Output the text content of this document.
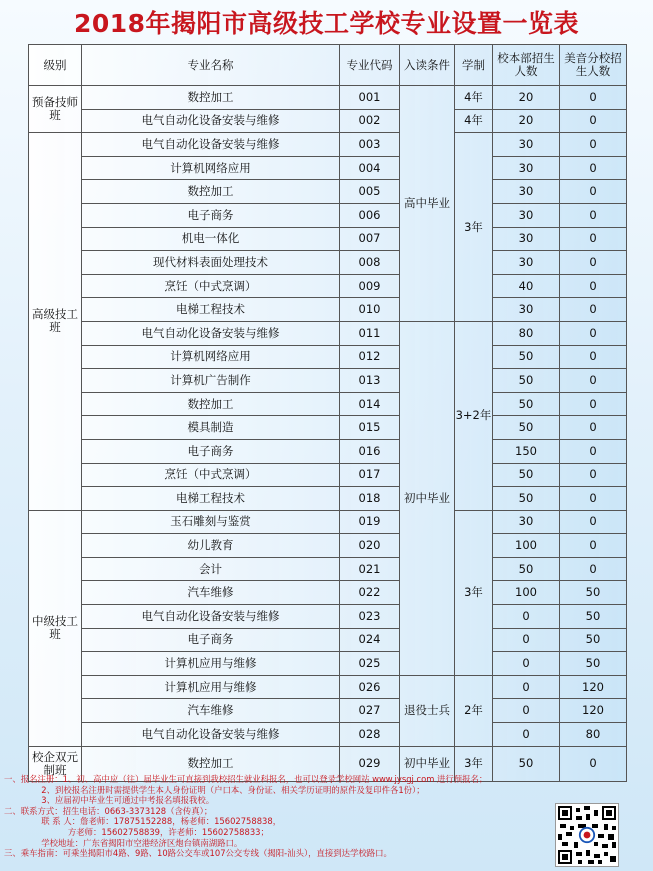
2018年揭阳市高级技工学校专业设置一览表
级别	专业名称	专业代码	入读条件	学制	校本部招生人数	美音分校招生人数
预备技师班	数控加工	001	高中毕业	4年	20	0
	电气自动化设备安装与维修	002		4年	20	0
高级技工班	电气自动化设备安装与维修	003		3年	30	0
	计算机网络应用	004			30	0
	数控加工	005			30	0
	电子商务	006			30	0
	机电一体化	007			30	0
	现代材料表面处理技术	008			30	0
	烹饪（中式烹调）	009			40	0
	电梯工程技术	010			30	0
	电气自动化设备安装与维修	011	初中毕业	3+2年	80	0
	计算机网络应用	012			50	0
	计算机广告制作	013			50	0
	数控加工	014			50	0
	模具制造	015			50	0
	电子商务	016			150	0
	烹饪（中式烹调）	017			50	0
	电梯工程技术	018			50	0
中级技工班	玉石雕刻与鉴赏	019		3年	30	0
	幼儿教育	020			100	0
	会计	021			50	0
	汽车维修	022			100	50
	电气自动化设备安装与维修	023			0	50
	电子商务	024			0	50
	计算机应用与维修	025			0	50
	计算机应用与维修	026	退役士兵	2年	0	120
	汽车维修	027			0	120
	电气自动化设备安装与维修	028			0	80
校企双元制班	数控加工	029	初中毕业	3年	50	0
一、报名注册：1、初、高中应（往）届毕业生可直接到我校招生就业科报名，也可以登录学校网站 www.jysgj.com 进行预报名；
2、到校报名注册时需提供学生本人身份证明（户口本、身份证、相关学历证明的原件及复印件各1份）；
3、应届初中毕业生可通过中考报名填报我校。
二、联系方式：招生电话：0663-3373128（含传真）；
联 系 人：詹老师：17875152288，杨老师：15602758838，
方老师：15602758839，许老师：15602758833；
学校地址：广东省揭阳市空港经济区炮台镇南湖路口。
三、乘车指南：可乘坐揭阳市4路、9路、10路公交车或107公交专线（揭阳-汕头），直接到达学校路口。
